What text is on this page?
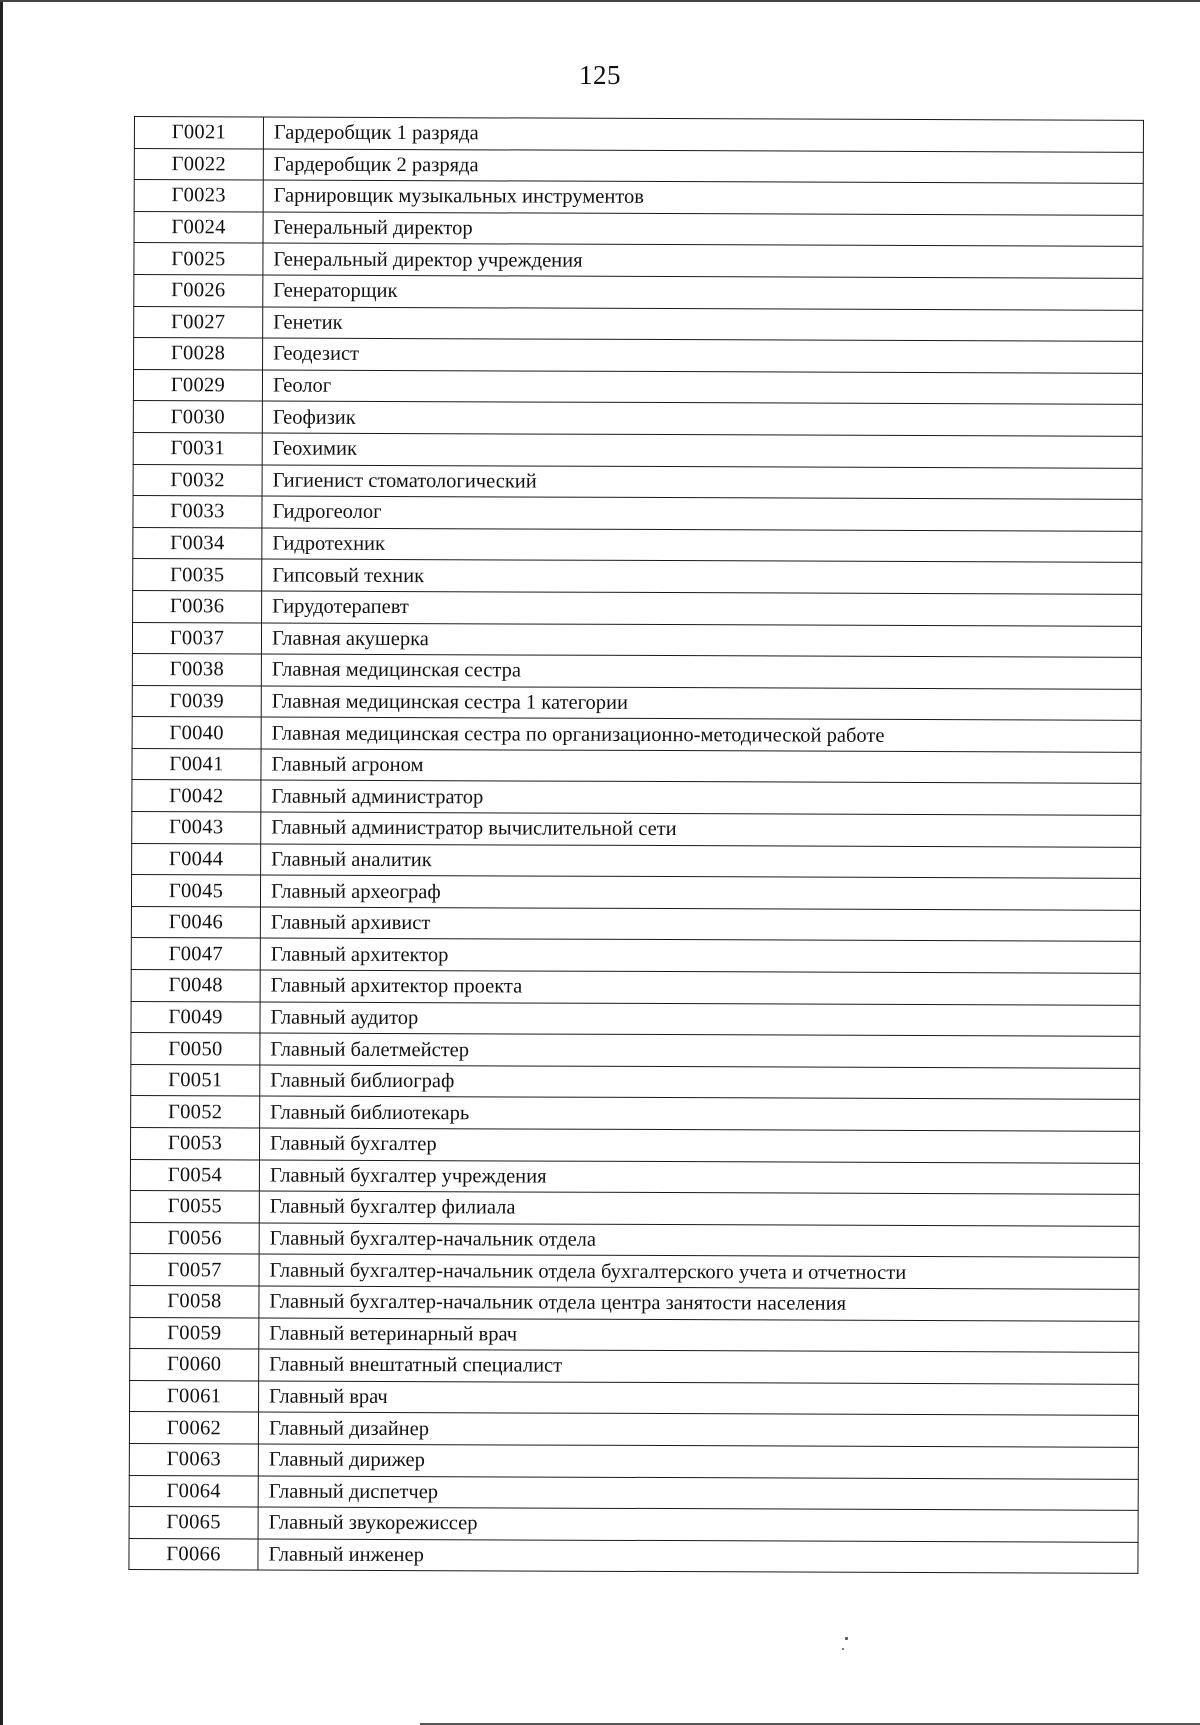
125
Г0021	Гардеробщик 1 разряда
Г0022	Гардеробщик 2 разряда
Г0023	Гарнировщик музыкальных инструментов
Г0024	Генеральный директор
Г0025	Генеральный директор учреждения
Г0026	Генераторщик
Г0027	Генетик
Г0028	Геодезист
Г0029	Геолог
Г0030	Геофизик
Г0031	Геохимик
Г0032	Гигиенист стоматологический
Г0033	Гидрогеолог
Г0034	Гидротехник
Г0035	Гипсовый техник
Г0036	Гирудотерапевт
Г0037	Главная акушерка
Г0038	Главная медицинская сестра
Г0039	Главная медицинская сестра 1 категории
Г0040	Главная медицинская сестра по организационно-методической работе
Г0041	Главный агроном
Г0042	Главный администратор
Г0043	Главный администратор вычислительной сети
Г0044	Главный аналитик
Г0045	Главный археограф
Г0046	Главный архивист
Г0047	Главный архитектор
Г0048	Главный архитектор проекта
Г0049	Главный аудитор
Г0050	Главный балетмейстер
Г0051	Главный библиограф
Г0052	Главный библиотекарь
Г0053	Главный бухгалтер
Г0054	Главный бухгалтер учреждения
Г0055	Главный бухгалтер филиала
Г0056	Главный бухгалтер-начальник отдела
Г0057	Главный бухгалтер-начальник отдела бухгалтерского учета и отчетности
Г0058	Главный бухгалтер-начальник отдела центра занятости населения
Г0059	Главный ветеринарный врач
Г0060	Главный внештатный специалист
Г0061	Главный врач
Г0062	Главный дизайнер
Г0063	Главный дирижер
Г0064	Главный диспетчер
Г0065	Главный звукорежиссер
Г0066	Главный инженер
